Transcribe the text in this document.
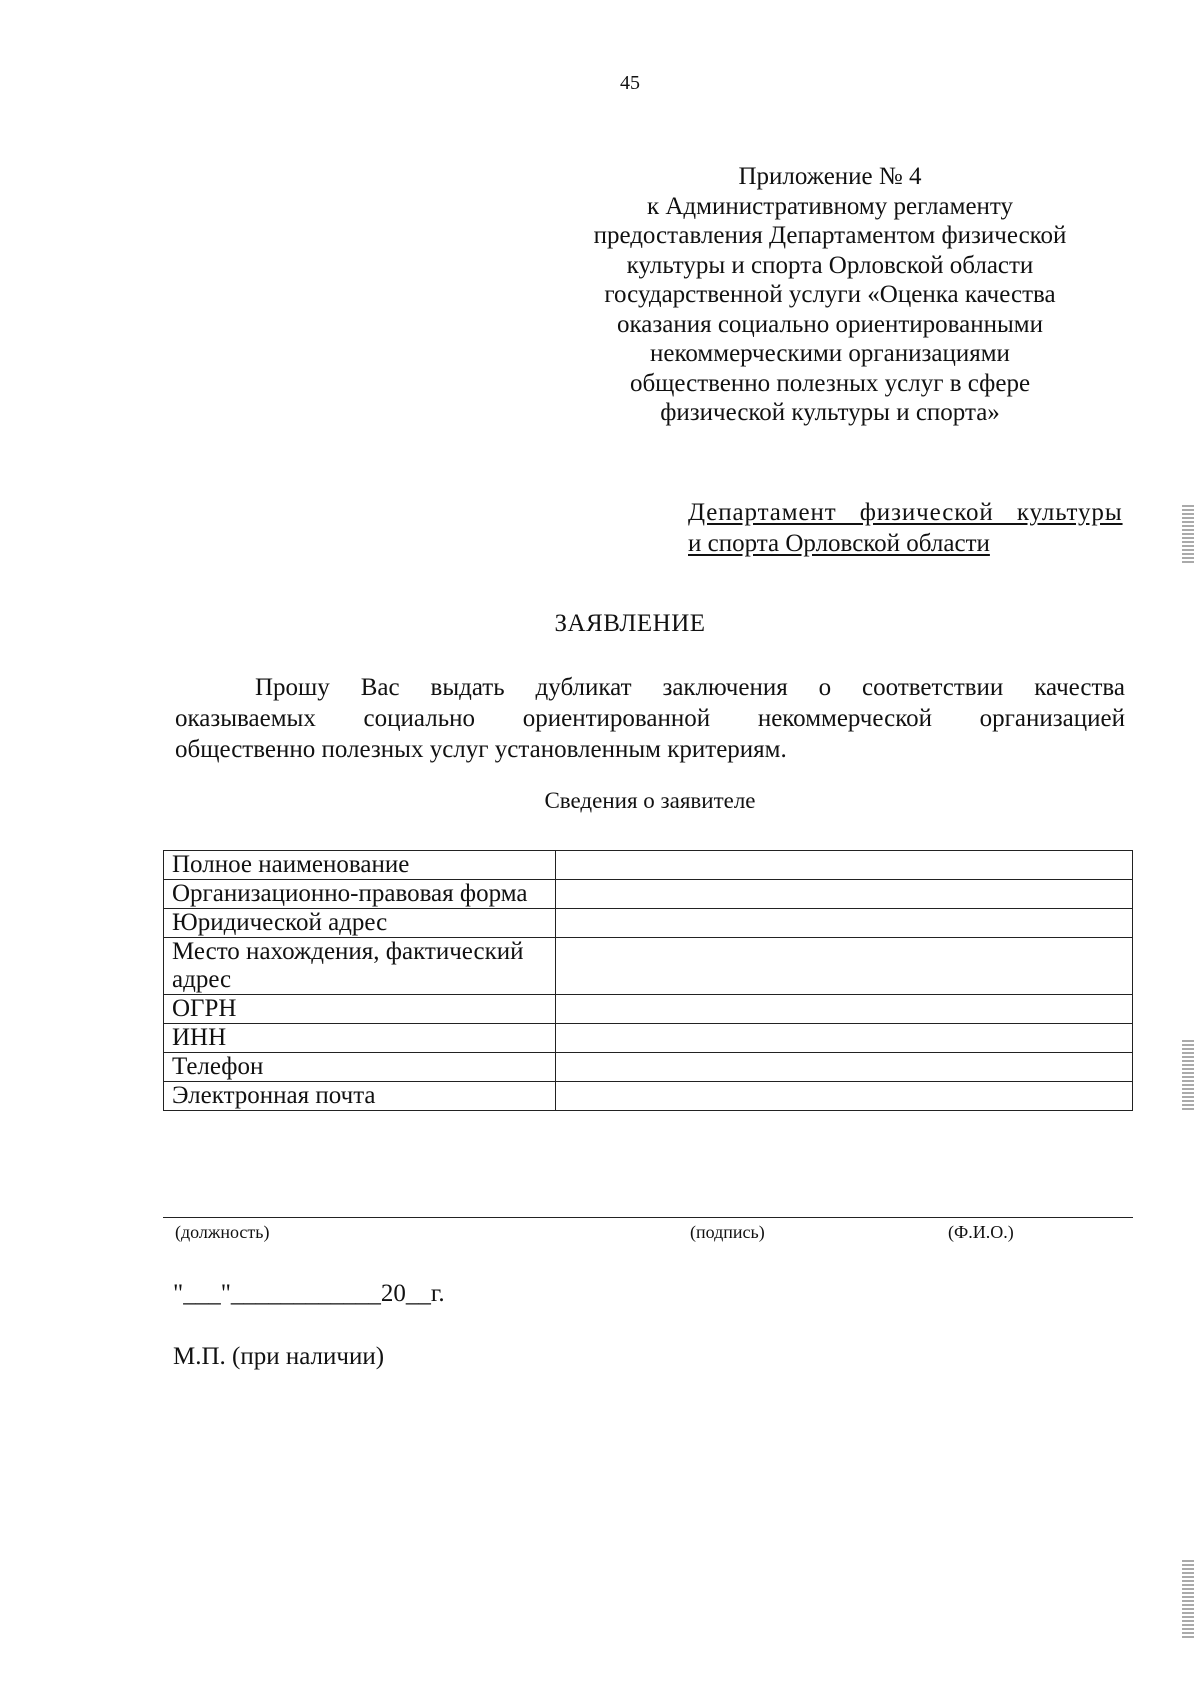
45
Приложение № 4
к Административному регламенту
предоставления Департаментом физической
культуры и спорта Орловской области
государственной услуги «Оценка качества
оказания социально ориентированными
некоммерческими организациями
общественно полезных услуг в сфере
физической культуры и спорта»
Департамент физической культуры
и спорта Орловской области
ЗАЯВЛЕНИЕ
Прошу Вас выдать дубликат заключения о соответствии качества
оказываемых социально ориентированной некоммерческой организацией
общественно полезных услуг установленным критериям.
Сведения о заявителе
Полное наименование	
Организационно-правовая форма	
Юридической адрес	
Место нахождения, фактический адрес	
ОГРН	
ИНН	
Телефон	
Электронная почта	
(должность)	(подпись)	(Ф.И.О.)
"___"____________20__г.
М.П. (при наличии)
